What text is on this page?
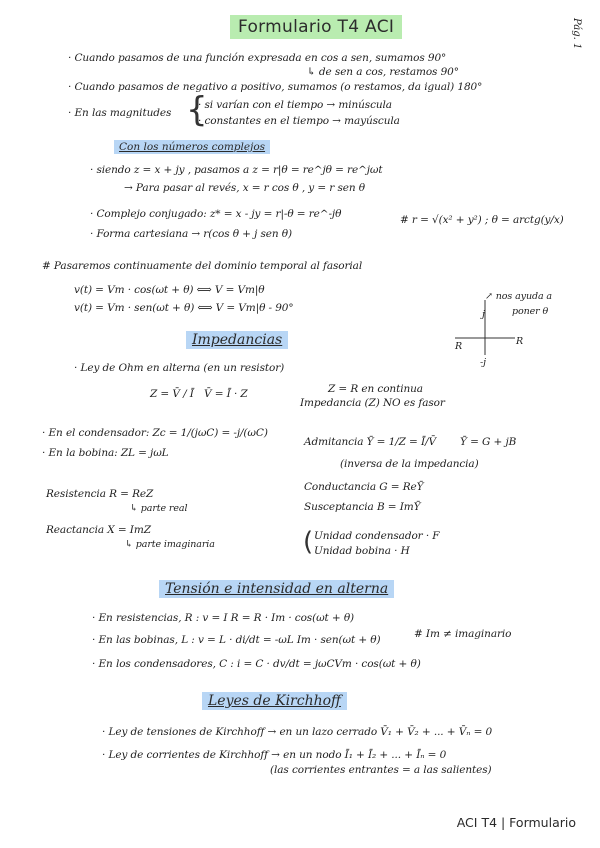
Formulario T4 ACI	Pág. 1
· Cuando pasamos de una función expresada en cos a sen, sumamos 90°
↳ de sen a cos, restamos 90°
· Cuando pasamos de negativo a positivo, sumamos (o restamos, da igual) 180°
· En las magnitudes {
· si varían con el tiempo → minúscula
· constantes en el tiempo → mayúscula
Con los números complejos
· siendo z = x + jy , pasamos a z = r|θ = re^jθ = re^jωt
→ Para pasar al revés, x = r cos θ , y = r sen θ
· Complejo conjugado: z* = x - jy = r|-θ = re^-jθ	# r = √(x² + y²) ; θ = arctg(y/x)
· Forma cartesiana → r(cos θ + j sen θ)
# Pasaremos continuamente del dominio temporal al fasorial
v(t) = Vm · cos(ωt + θ) ⟺ V = Vm|θ
v(t) = Vm · sen(ωt + θ) ⟺ V = Vm|θ - 90°
↗ nos ayuda a
poner θ
j
-j
R
R
Impedancias
· Ley de Ohm en alterna (en un resistor)
Z = V̄ / Ī V̄ = Ī · Z	Z = R en continua
Impedancia (Z) NO es fasor
· En el condensador: Zc = 1/(jωC) = -j/(ωC)
· En la bobina: ZL = jωL
Admitancia Ȳ = 1/Z = Ī/V̄ Ȳ = G + jB
(inversa de la impedancia)
Resistencia R = ReZ
↳ parte real
Reactancia X = ImZ
↳ parte imaginaria
Conductancia G = ReȲ
Susceptancia B = ImȲ
( Unidad condensador · F
Unidad bobina · H
Tensión e intensidad en alterna
· En resistencias, R : v = I R = R · Im · cos(ωt + θ)
· En las bobinas, L : v = L · di/dt = -ωL Im · sen(ωt + θ)	# Im ≠ imaginario
· En los condensadores, C : i = C · dv/dt = jωCVm · cos(ωt + θ)
Leyes de Kirchhoff
· Ley de tensiones de Kirchhoff → en un lazo cerrado V̄₁ + V̄₂ + ... + V̄ₙ = 0
· Ley de corrientes de Kirchhoff → en un nodo Ī₁ + Ī₂ + ... + Īₙ = 0
(las corrientes entrantes = a las salientes)
ACI T4 | Formulario
